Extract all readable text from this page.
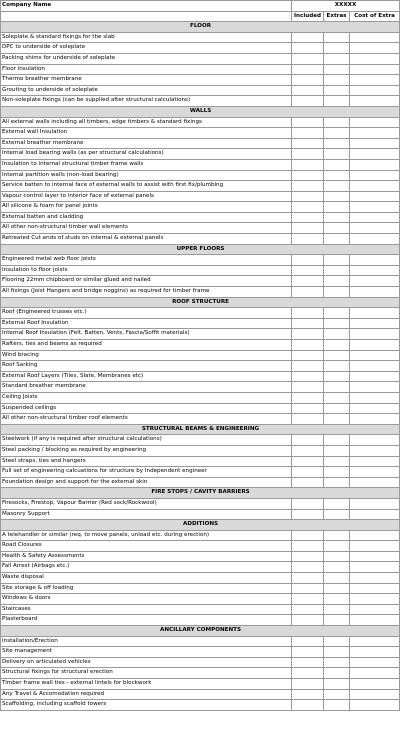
Company Name	XXXXX		
	Included	Extras	Cost of Extra
FLOOR			
Soleplate & standard fixings for the slab			
DPC to underside of soleplate			
Packing shims for underside of soleplate			
Floor insulation			
Thermo breather membrane			
Grouting to underside of soleplate			
Non-soleplate fixings (can be supplied after structural calculations)			
WALLS			
All external walls including all timbers, edge timbers & standard fixings			
External wall Insulation			
External breather membrane			
Internal load bearing walls (as per structural calculations)			
Insulation to internal structural timber frame walls			
Internal partition walls (non-load bearing)			
Service batten to internal face of external walls to assist with first fix/plumbing			
Vapour control layer to interior face of external panels			
All silicone & foam for panel joints			
External batten and cladding			
All other non-structural timber wall elements			
Retreated Cut ends of studs on internal & external panels			
UPPER FLOORS			
Engineered metal web floor joists			
Insulation to floor joists			
Flooring 22mm chipboard or similar glued and nailed			
All fixings (Joist Hangers and bridge noggins) as required for timber frame			
ROOF STRUCTURE			
Roof (Engineered trusses etc.)			
External Roof Insulation			
Internal Roof Insulation (Felt, Batten, Vents, Fascia/Soffit materials)			
Rafters, ties and beams as required			
Wind bracing			
Roof Sarking			
External Roof Layers (Tiles, Slate, Membranes etc)			
Standard breather membrane			
Ceiling Joists			
Suspended ceilings			
All other non-structural timber roof elements			
STRUCTURAL BEAMS & ENGINEERING			
Steelwork (if any is required after structural calculations)			
Steel packing / blocking as required by engineering			
Steel straps, ties and hangers			
Full set of engineering calcuations for structure by Independent engineer			
Foundation design and support for the external skin			
FIRE STOPS / CAVITY BARRIERS			
Firesocks, Firestop, Vapour Barrier (Red sock/Rockwool)			
Masonry Support			
ADDITIONS			
A telehandler or similar (req. to move panels, unload etc. during erection)			
Road Closures			
Health & Safety Assessments			
Fall Arrest (Airbags etc.)			
Waste disposal			
Site storage & off loading			
Windows & doors			
Staircases			
Plasterboard			
ANCILLARY COMPONENTS			
Installation/Erection			
Site management			
Delivery on articulated vehicles			
Structural fixings for structural erection			
Timber frame wall ties - external lintels for blockwork			
Any Travel & Accomodation required			
Scaffolding, including scaffold towers			
